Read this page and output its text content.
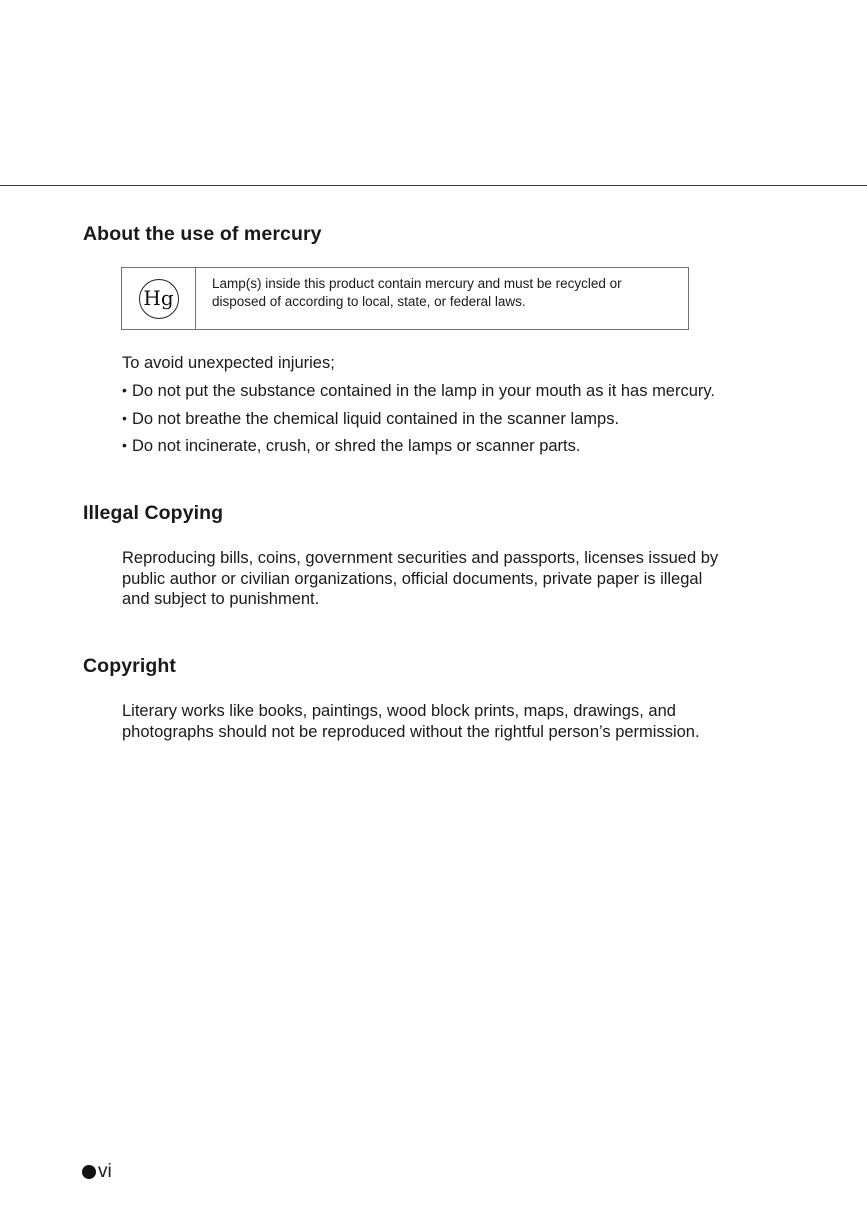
About the use of mercury
Hg
Lamp(s) inside this product contain mercury and must be recycled or
disposed of according to local, state, or federal laws.

To avoid unexpected injuries;

• Do not put the substance contained in the lamp in your mouth as it has mercury.
• Do not breathe the chemical liquid contained in the scanner lamps.
• Do not incinerate, crush, or shred the lamps or scanner parts.
Illegal Copying
Reproducing bills, coins, government securities and passports, licenses issued by
public author or civilian organizations, official documents, private paper is illegal
and subject to punishment.
Copyright
Literary works like books, paintings, wood block prints, maps, drawings, and
photographs should not be reproduced without the rightful person’s permission.
vi
